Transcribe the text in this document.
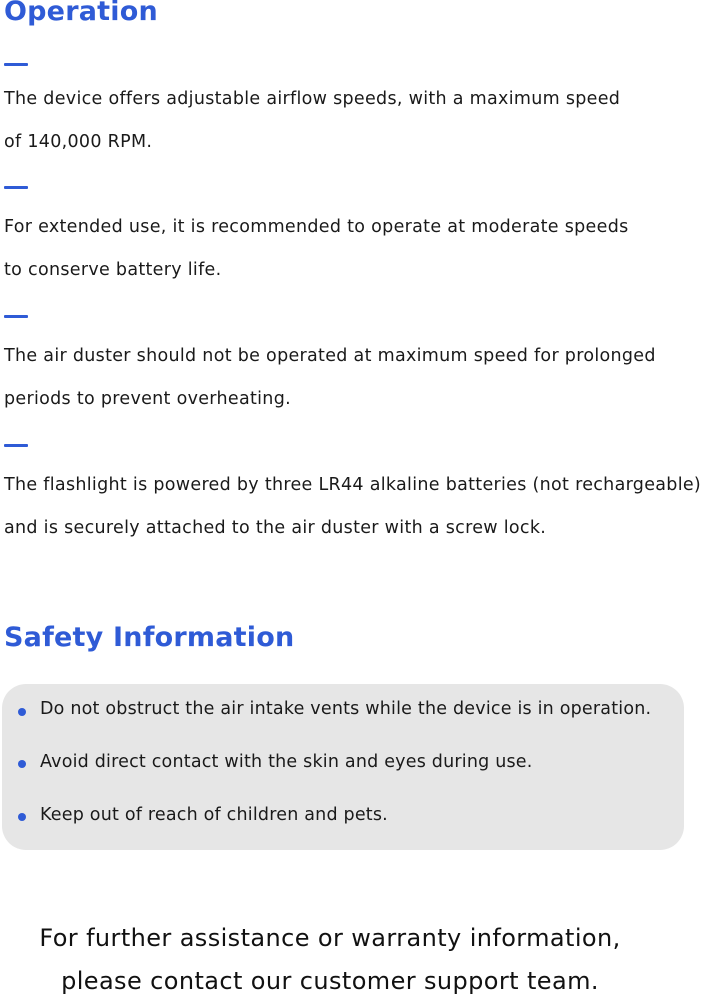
Operation
The device offers adjustable airflow speeds, with a maximum speed
of 140,000 RPM.
For extended use, it is recommended to operate at moderate speeds
to conserve battery life.
The air duster should not be operated at maximum speed for prolonged
periods to prevent overheating.
The flashlight is powered by three LR44 alkaline batteries (not rechargeable)
and is securely attached to the air duster with a screw lock.
Safety Information
Do not obstruct the air intake vents while the device is in operation.
Avoid direct contact with the skin and eyes during use.
Keep out of reach of children and pets.
For further assistance or warranty information,
please contact our customer support team.
